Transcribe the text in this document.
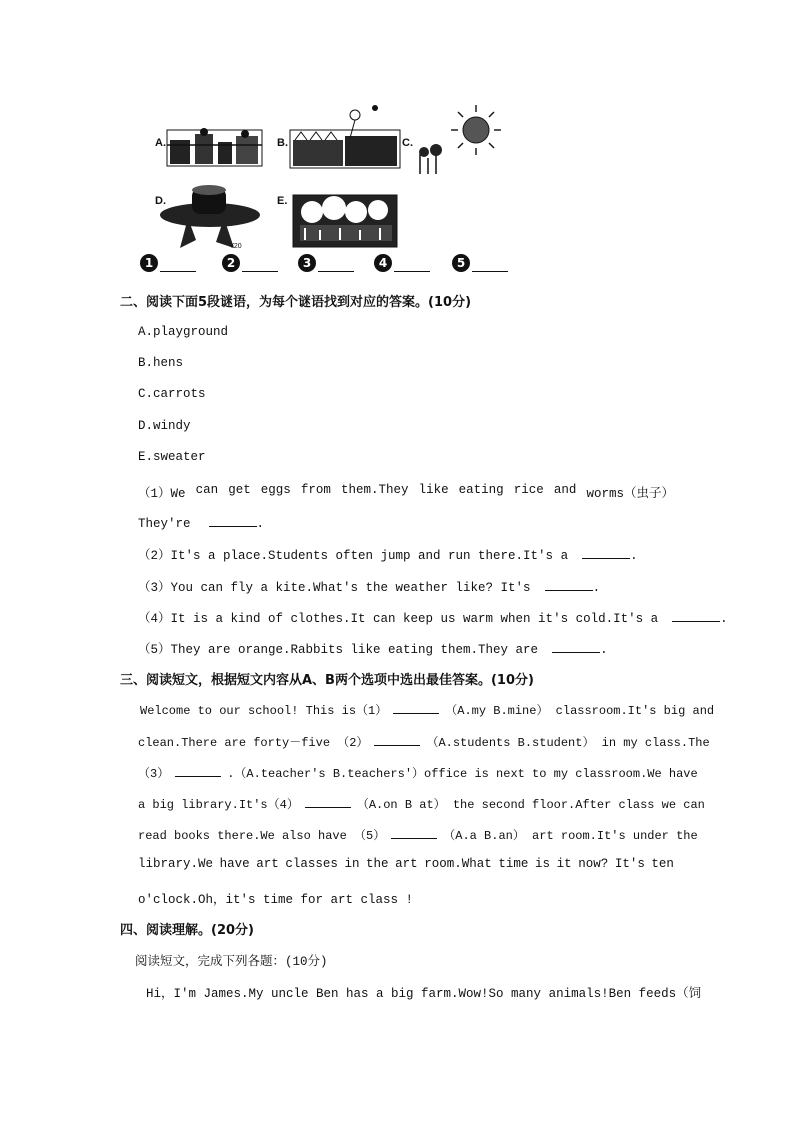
¥20
A.	B.	C.
D.	E.
1	2	3	4	5
二、阅读下面5段谜语，为每个谜语找到对应的答案。(10分)
A.playground
B.hens
C.carrots
D.windy
E.sweater
（1）We can get eggs from them.They like eating rice and worms（虫子）
They're	.
（2）It's a place.Students often jump and run there.It's a	.
（3）You can fly a kite.What's the weather like? It's	.
（4）It is a kind of clothes.It can keep us warm when it's cold.It's a	.
（5）They are orange.Rabbits like eating them.They are	.
三、阅读短文，根据短文内容从A、B两个选项中选出最佳答案。(10分)
Welcome to our school! This is（1）	（A.my B.mine） classroom.It's big and
clean.There are forty－five （2）	（A.students B.student） in my class.The
（3）	.（A.teacher's B.teachers'）office is next to my classroom.We have
a big library.It's（4）	（A.on B at） the second floor.After class we can
read books there.We also have （5）	（A.a B.an） art room.It's under the
library.We have art classes in the art room.What time is it now? It's ten
o'clock.Oh，it's time for art class !
四、阅读理解。(20分)
阅读短文，完成下列各题：(10分)
Hi，I'm James.My uncle Ben has a big farm.Wow!So many animals!Ben feeds（饲
